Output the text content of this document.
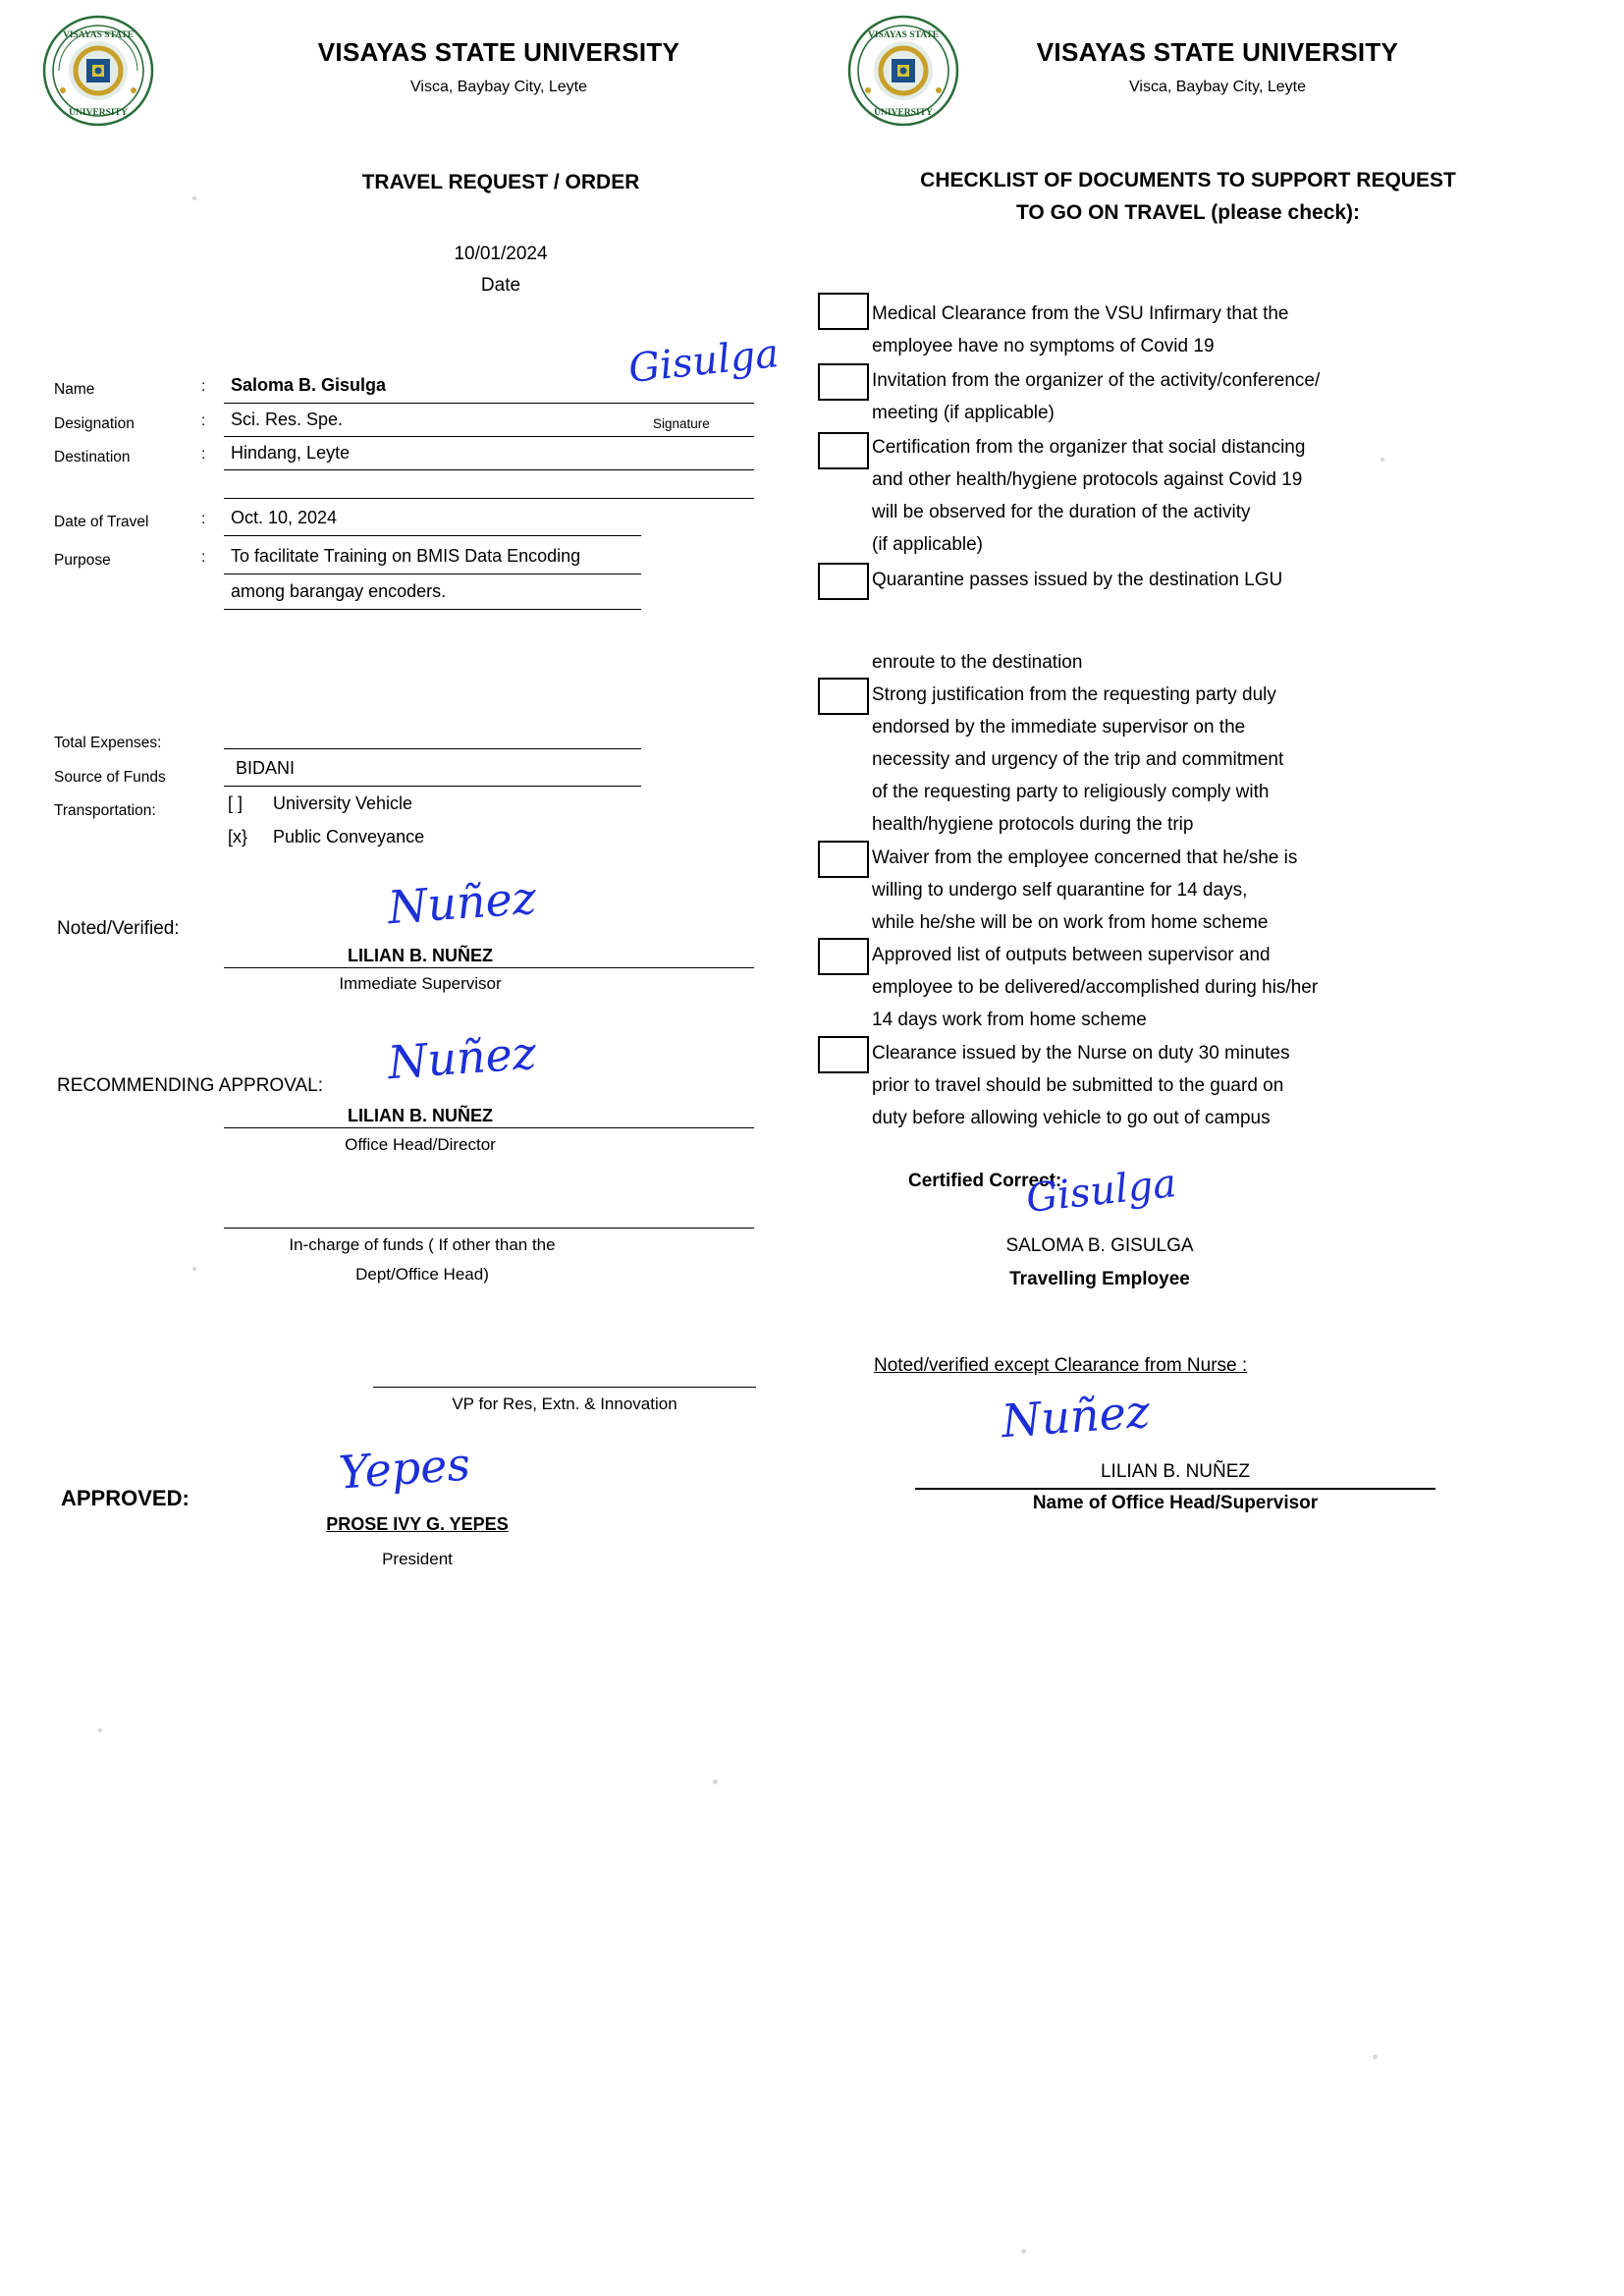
VISAYAS STATE
UNIVERSITY
VISAYAS STATE
UNIVERSITY
VISAYAS STATE UNIVERSITY
Visca, Baybay City, Leyte
TRAVEL REQUEST / ORDER
10/01/2024
Date
Name	: Saloma B. Gisulga
Designation	: Sci. Res. Spe.
Destination	: Hindang, Leyte
Date of Travel	: Oct. 10, 2024
Purpose	: To facilitate Training on BMIS Data Encoding
among barangay encoders.
Gisulga
Signature
Total Expenses:
Source of Funds	BIDANI
Transportation:	[ ] University Vehicle
[x} Public Conveyance
Noted/Verified:	Nuñez
LILIAN B. NUÑEZ
Immediate Supervisor
RECOMMENDING APPROVAL: Nuñez
LILIAN B. NUÑEZ
Office Head/Director
In-charge of funds ( If other than the
Dept/Office Head)
VP for Res, Extn. & Innovation
APPROVED:	Yepes
PROSE IVY G. YEPES
President
VISAYAS STATE UNIVERSITY
Visca, Baybay City, Leyte
CHECKLIST OF DOCUMENTS TO SUPPORT REQUEST
TO GO ON TRAVEL (please check):
Medical Clearance from the VSU Infirmary that the
employee have no symptoms of Covid 19
Invitation from the organizer of the activity/conference/
meeting (if applicable)
Certification from the organizer that social distancing
and other health/hygiene protocols against Covid 19
will be observed for the duration of the activity
(if applicable)
Quarantine passes issued by the destination LGU
enroute to the destination
Strong justification from the requesting party duly
endorsed by the immediate supervisor on the
necessity and urgency of the trip and commitment
of the requesting party to religiously comply with
health/hygiene protocols during the trip
Waiver from the employee concerned that he/she is
willing to undergo self quarantine for 14 days,
while he/she will be on work from home scheme
Approved list of outputs between supervisor and
employee to be delivered/accomplished during his/her
14 days work from home scheme
Clearance issued by the Nurse on duty 30 minutes
prior to travel should be submitted to the guard on
duty before allowing vehicle to go out of campus
Certified Correct:
Gisulga
SALOMA B. GISULGA
Travelling Employee
Noted/verified except Clearance from Nurse :
Nuñez
LILIAN B. NUÑEZ
Name of Office Head/Supervisor
